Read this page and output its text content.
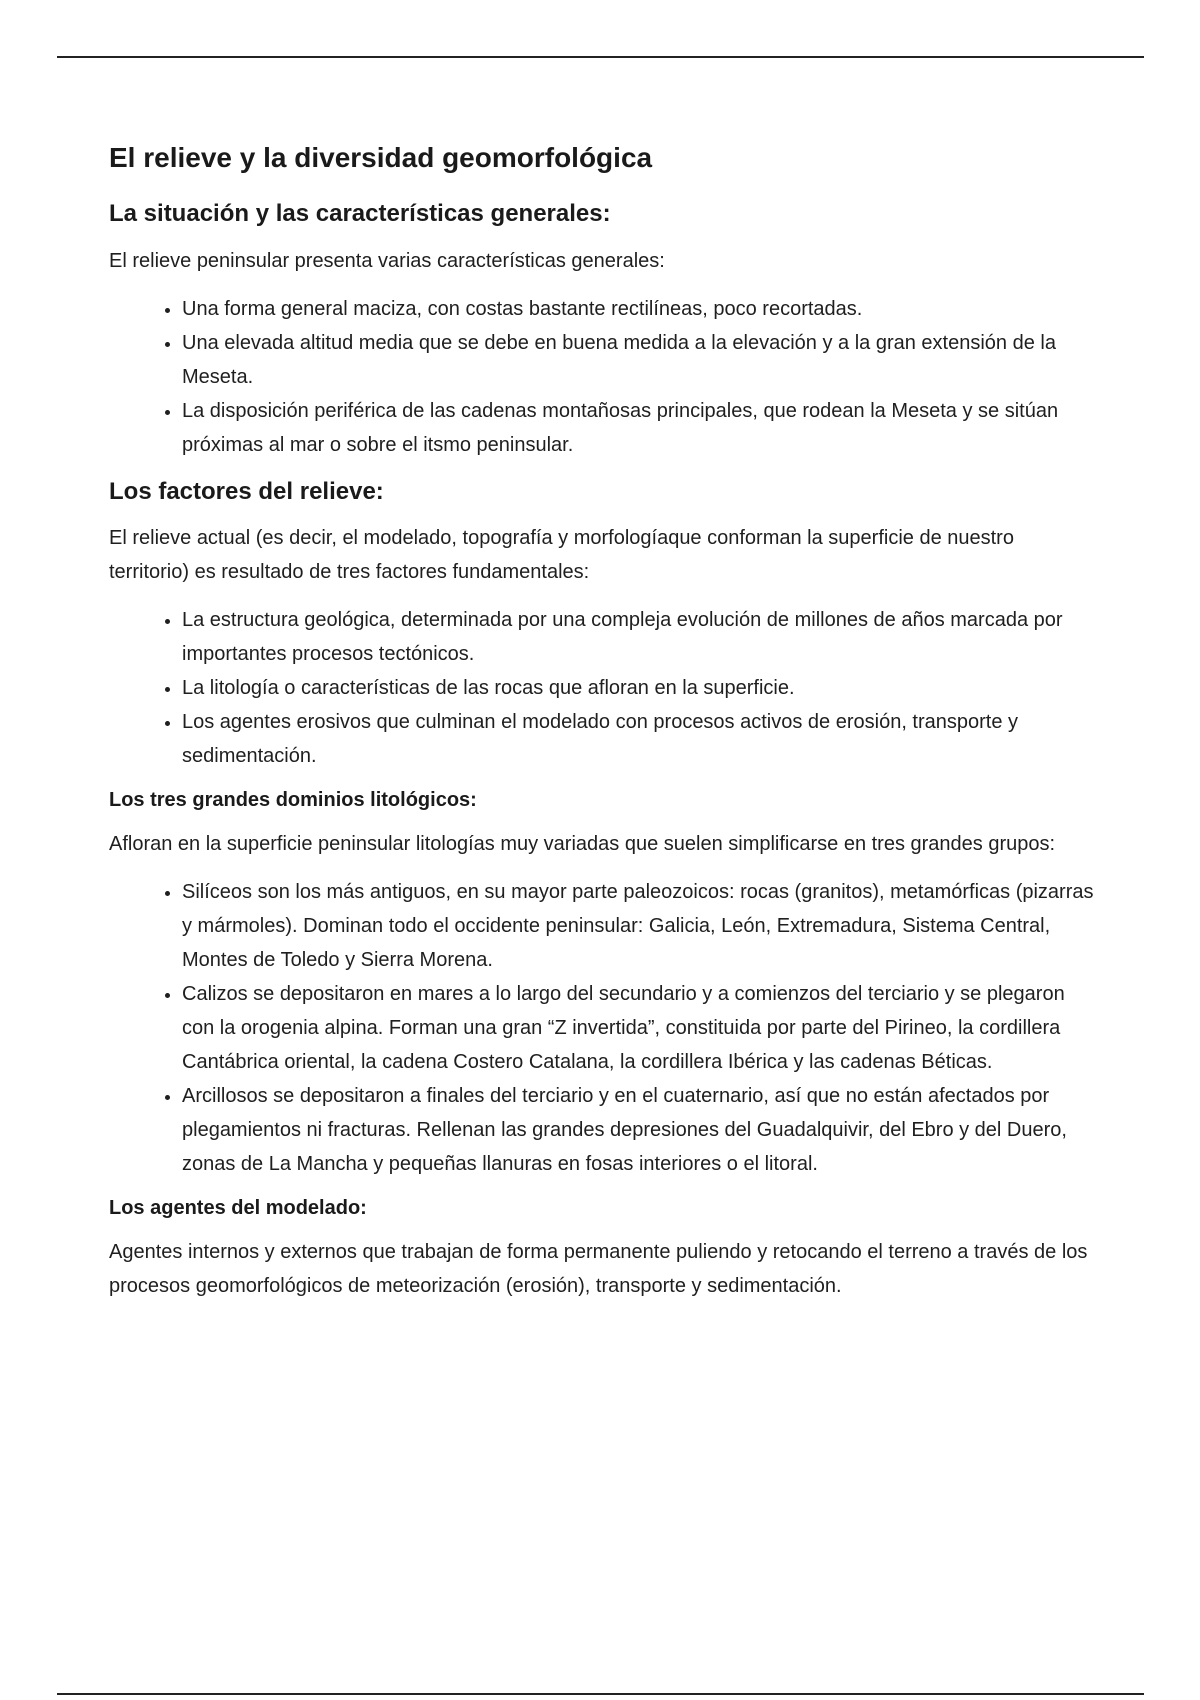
El relieve y la diversidad geomorfológica
La situación y las características generales:

El relieve peninsular presenta varias características generales:

• Una forma general maciza, con costas bastante rectilíneas, poco recortadas.
• Una elevada altitud media que se debe en buena medida a la elevación y a la gran extensión de la Meseta.
• La disposición periférica de las cadenas montañosas principales, que rodean la Meseta y se sitúan próximas al mar o sobre el itsmo peninsular.
Los factores del relieve:

El relieve actual (es decir, el modelado, topografía y morfologíaque conforman la superficie de nuestro territorio) es resultado de tres factores fundamentales:

• La estructura geológica, determinada por una compleja evolución de millones de años marcada por importantes procesos tectónicos.
• La litología o características de las rocas que afloran en la superficie.
• Los agentes erosivos que culminan el modelado con procesos activos de erosión, transporte y sedimentación.
Los tres grandes dominios litológicos:

Afloran en la superficie peninsular litologías muy variadas que suelen simplificarse en tres grandes grupos:

• Silíceos son los más antiguos, en su mayor parte paleozoicos: rocas (granitos), metamórficas (pizarras y mármoles). Dominan todo el occidente peninsular: Galicia, León, Extremadura, Sistema Central, Montes de Toledo y Sierra Morena.
• Calizos se depositaron en mares a lo largo del secundario y a comienzos del terciario y se plegaron con la orogenia alpina. Forman una gran “Z invertida”, constituida por parte del Pirineo, la cordillera Cantábrica oriental, la cadena Costero Catalana, la cordillera Ibérica y las cadenas Béticas.
• Arcillosos se depositaron a finales del terciario y en el cuaternario, así que no están afectados por plegamientos ni fracturas. Rellenan las grandes depresiones del Guadalquivir, del Ebro y del Duero, zonas de La Mancha y pequeñas llanuras en fosas interiores o el litoral.
Los agentes del modelado:

Agentes internos y externos que trabajan de forma permanente puliendo y retocando el terreno a través de los procesos geomorfológicos de meteorización (erosión), transporte y sedimentación.
